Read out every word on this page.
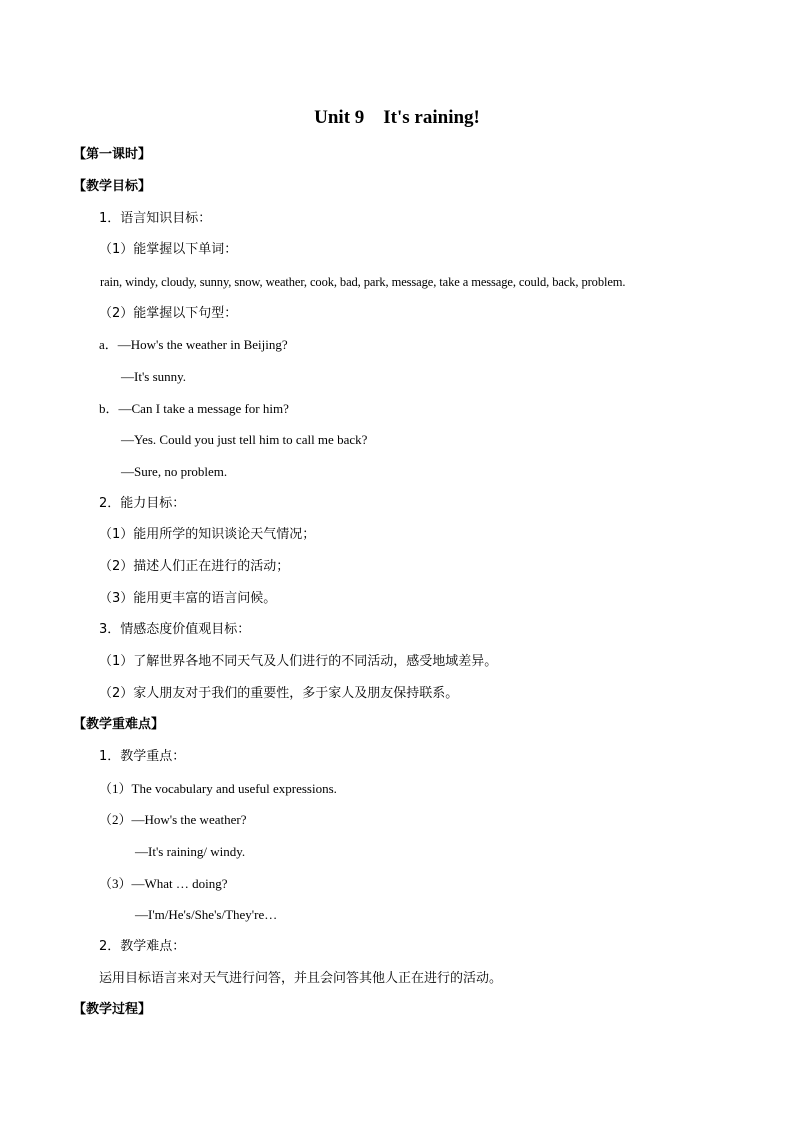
Unit 9    It's raining!
【第一课时】
【教学目标】
1．语言知识目标：
（1）能掌握以下单词：
rain, windy, cloudy, sunny, snow, weather, cook, bad, park, message, take a message, could, back, problem.
（2）能掌握以下句型：
a．—How's the weather in Beijing?
—It's sunny.
b．—Can I take a message for him?
—Yes. Could you just tell him to call me back?
—Sure, no problem.
2．能力目标：
（1）能用所学的知识谈论天气情况；
（2）描述人们正在进行的活动；
（3）能用更丰富的语言问候。
3．情感态度价值观目标：
（1）了解世界各地不同天气及人们进行的不同活动，感受地域差异。
（2）家人朋友对于我们的重要性，多于家人及朋友保持联系。
【教学重难点】
1．教学重点：
（1）The vocabulary and useful expressions.
（2）—How's the weather?
—It's raining/ windy.
（3）—What … doing?
—I'm/He's/She's/They're…
2．教学难点：
运用目标语言来对天气进行问答，并且会问答其他人正在进行的活动。
【教学过程】
